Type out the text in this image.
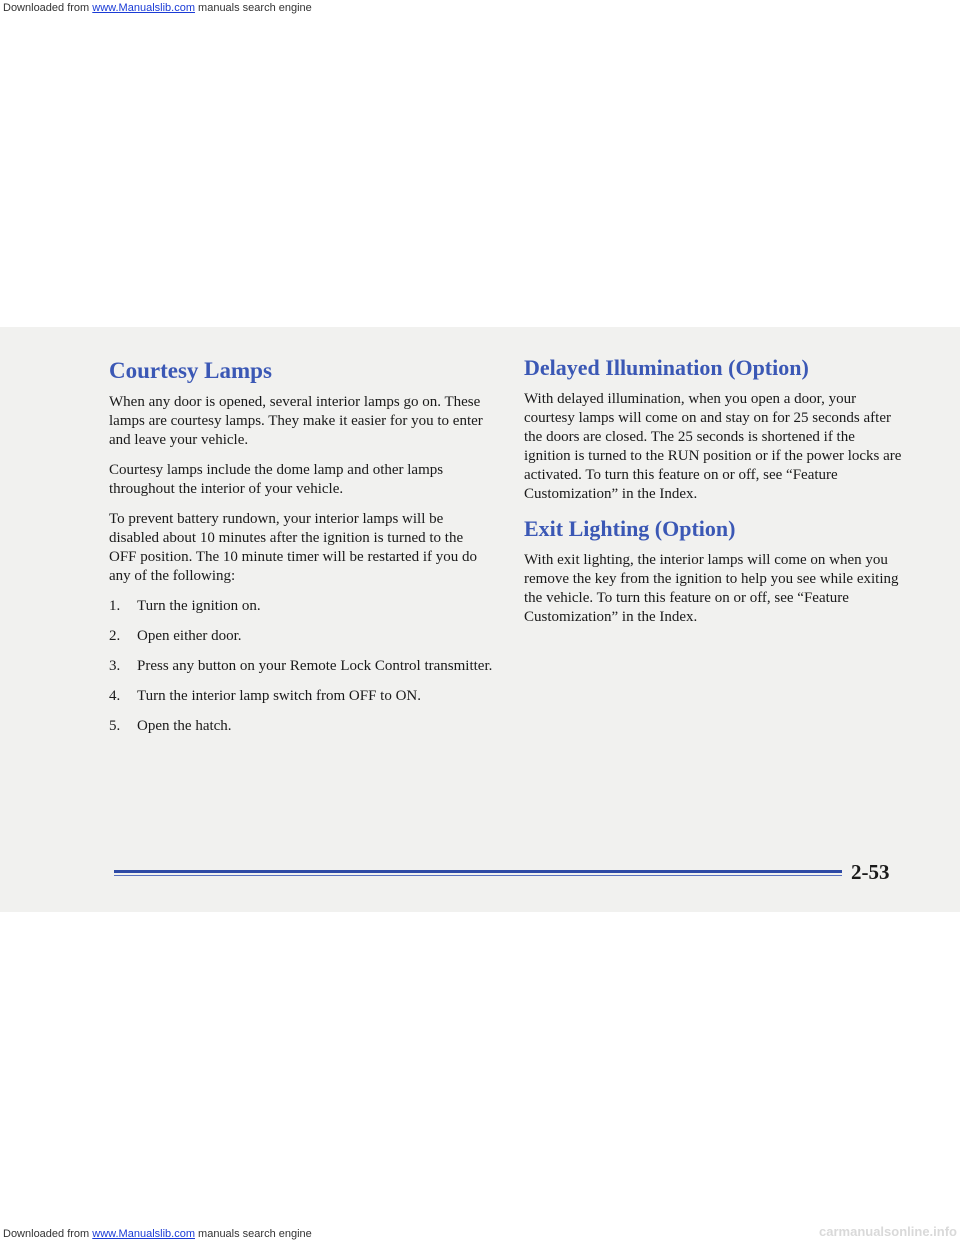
Downloaded from www.Manualslib.com manuals search engine
Courtesy Lamps

When any door is opened, several interior lamps go on. These lamps are courtesy lamps. They make it easier for you to enter and leave your vehicle.

Courtesy lamps include the dome lamp and other lamps throughout the interior of your vehicle.

To prevent battery rundown, your interior lamps will be disabled about 10 minutes after the ignition is turned to the OFF position. The 10 minute timer will be restarted if you do any of the following:

1. Turn the ignition on.
2. Open either door.
3. Press any button on your Remote Lock Control transmitter.
4. Turn the interior lamp switch from OFF to ON.
5. Open the hatch.
Delayed Illumination (Option)

With delayed illumination, when you open a door, your courtesy lamps will come on and stay on for 25 seconds after the doors are closed. The 25 seconds is shortened if the ignition is turned to the RUN position or if the power locks are activated. To turn this feature on or off, see “Feature Customization” in the Index.

Exit Lighting (Option)

With exit lighting, the interior lamps will come on when you remove the key from the ignition to help you see while exiting the vehicle. To turn this feature on or off, see “Feature Customization” in the Index.

2-53
Downloaded from www.Manualslib.com manuals search engine	carmanualsonline.info
